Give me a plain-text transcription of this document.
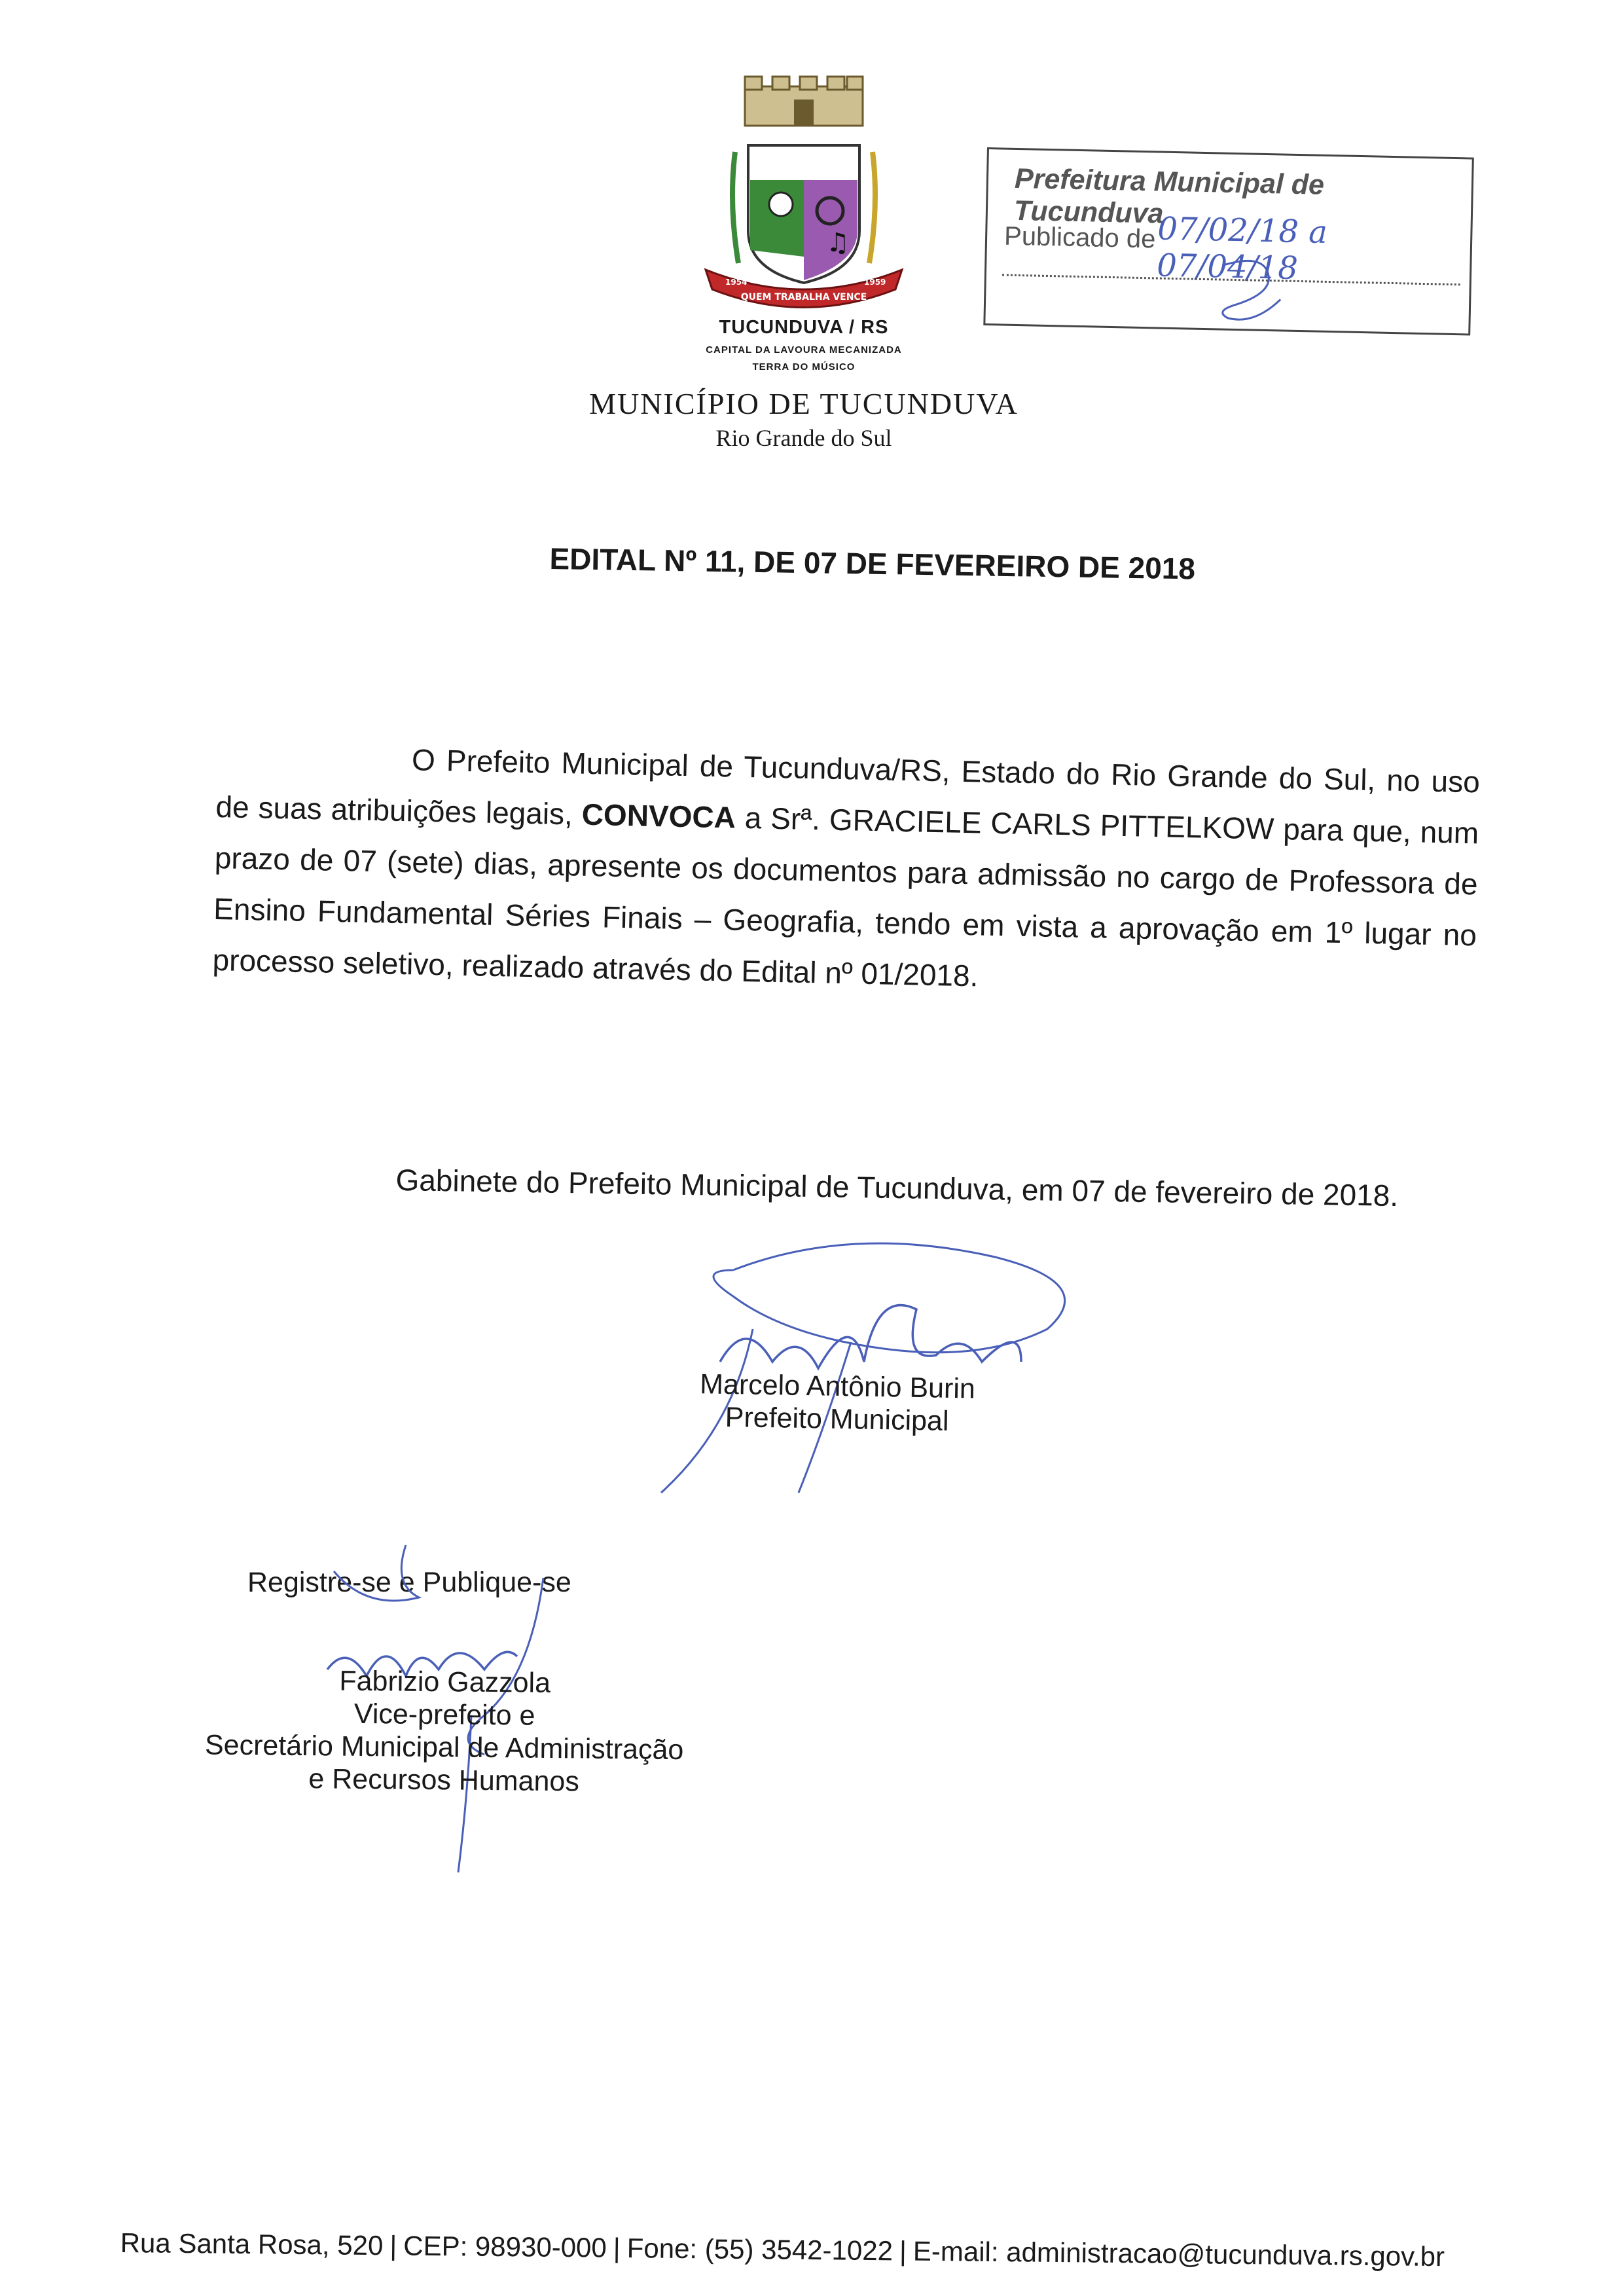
♫
QUEM TRABALHA VENCE
1954	1959
TUCUNDUVA / RS
CAPITAL DA LAVOURA MECANIZADA
TERRA DO MÚSICO
MUNICÍPIO DE TUCUNDUVA
Rio Grande do Sul
Prefeitura Municipal de Tucunduva
Publicado de 07/02/18 a 07/04/18
EDITAL Nº 11, DE 07 DE FEVEREIRO DE 2018
O Prefeito Municipal de Tucunduva/RS, Estado do Rio Grande do Sul, no uso de suas atribuições legais, CONVOCA a Srª. GRACIELE CARLS PITTELKOW para que, num prazo de 07 (sete) dias, apresente os documentos para admissão no cargo de Professora de Ensino Fundamental Séries Finais – Geografia, tendo em vista a aprovação em 1º lugar no processo seletivo, realizado através do Edital nº 01/2018.
Gabinete do Prefeito Municipal de Tucunduva, em 07 de fevereiro de 2018.
Marcelo Antônio Burin
Prefeito Municipal
Registre-se e Publique-se
Fabrizio Gazzola
Vice-prefeito e
Secretário Municipal de Administração
e Recursos Humanos
Rua Santa Rosa, 520 | CEP: 98930-000 | Fone: (55) 3542-1022 | E-mail: administracao@tucunduva.rs.gov.br
